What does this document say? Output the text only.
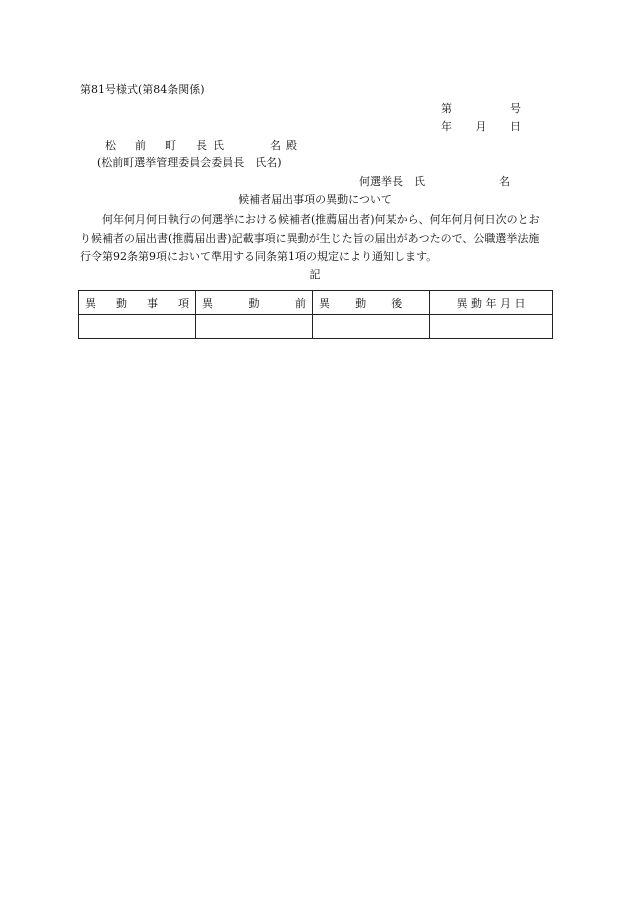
第81号様式(第84条関係)
第	号
年 月 日
松	前	町	長 氏	名 殿
(松前町選挙管理委員会委員長　氏名)
何選挙長　氏	名
候補者届出事項の異動について
何年何月何日執行の何選挙における候補者(推薦届出者)何某から、何年何月何日次のとおり候補者の届出書(推薦届出書)記載事項に異動が生じた旨の届出があつたので、公職選挙法施行令第92条第9項において準用する同条第1項の規定により通知します。
記
異 動 事 項	異 動 前	異 動 後	異 動 年 月 日
